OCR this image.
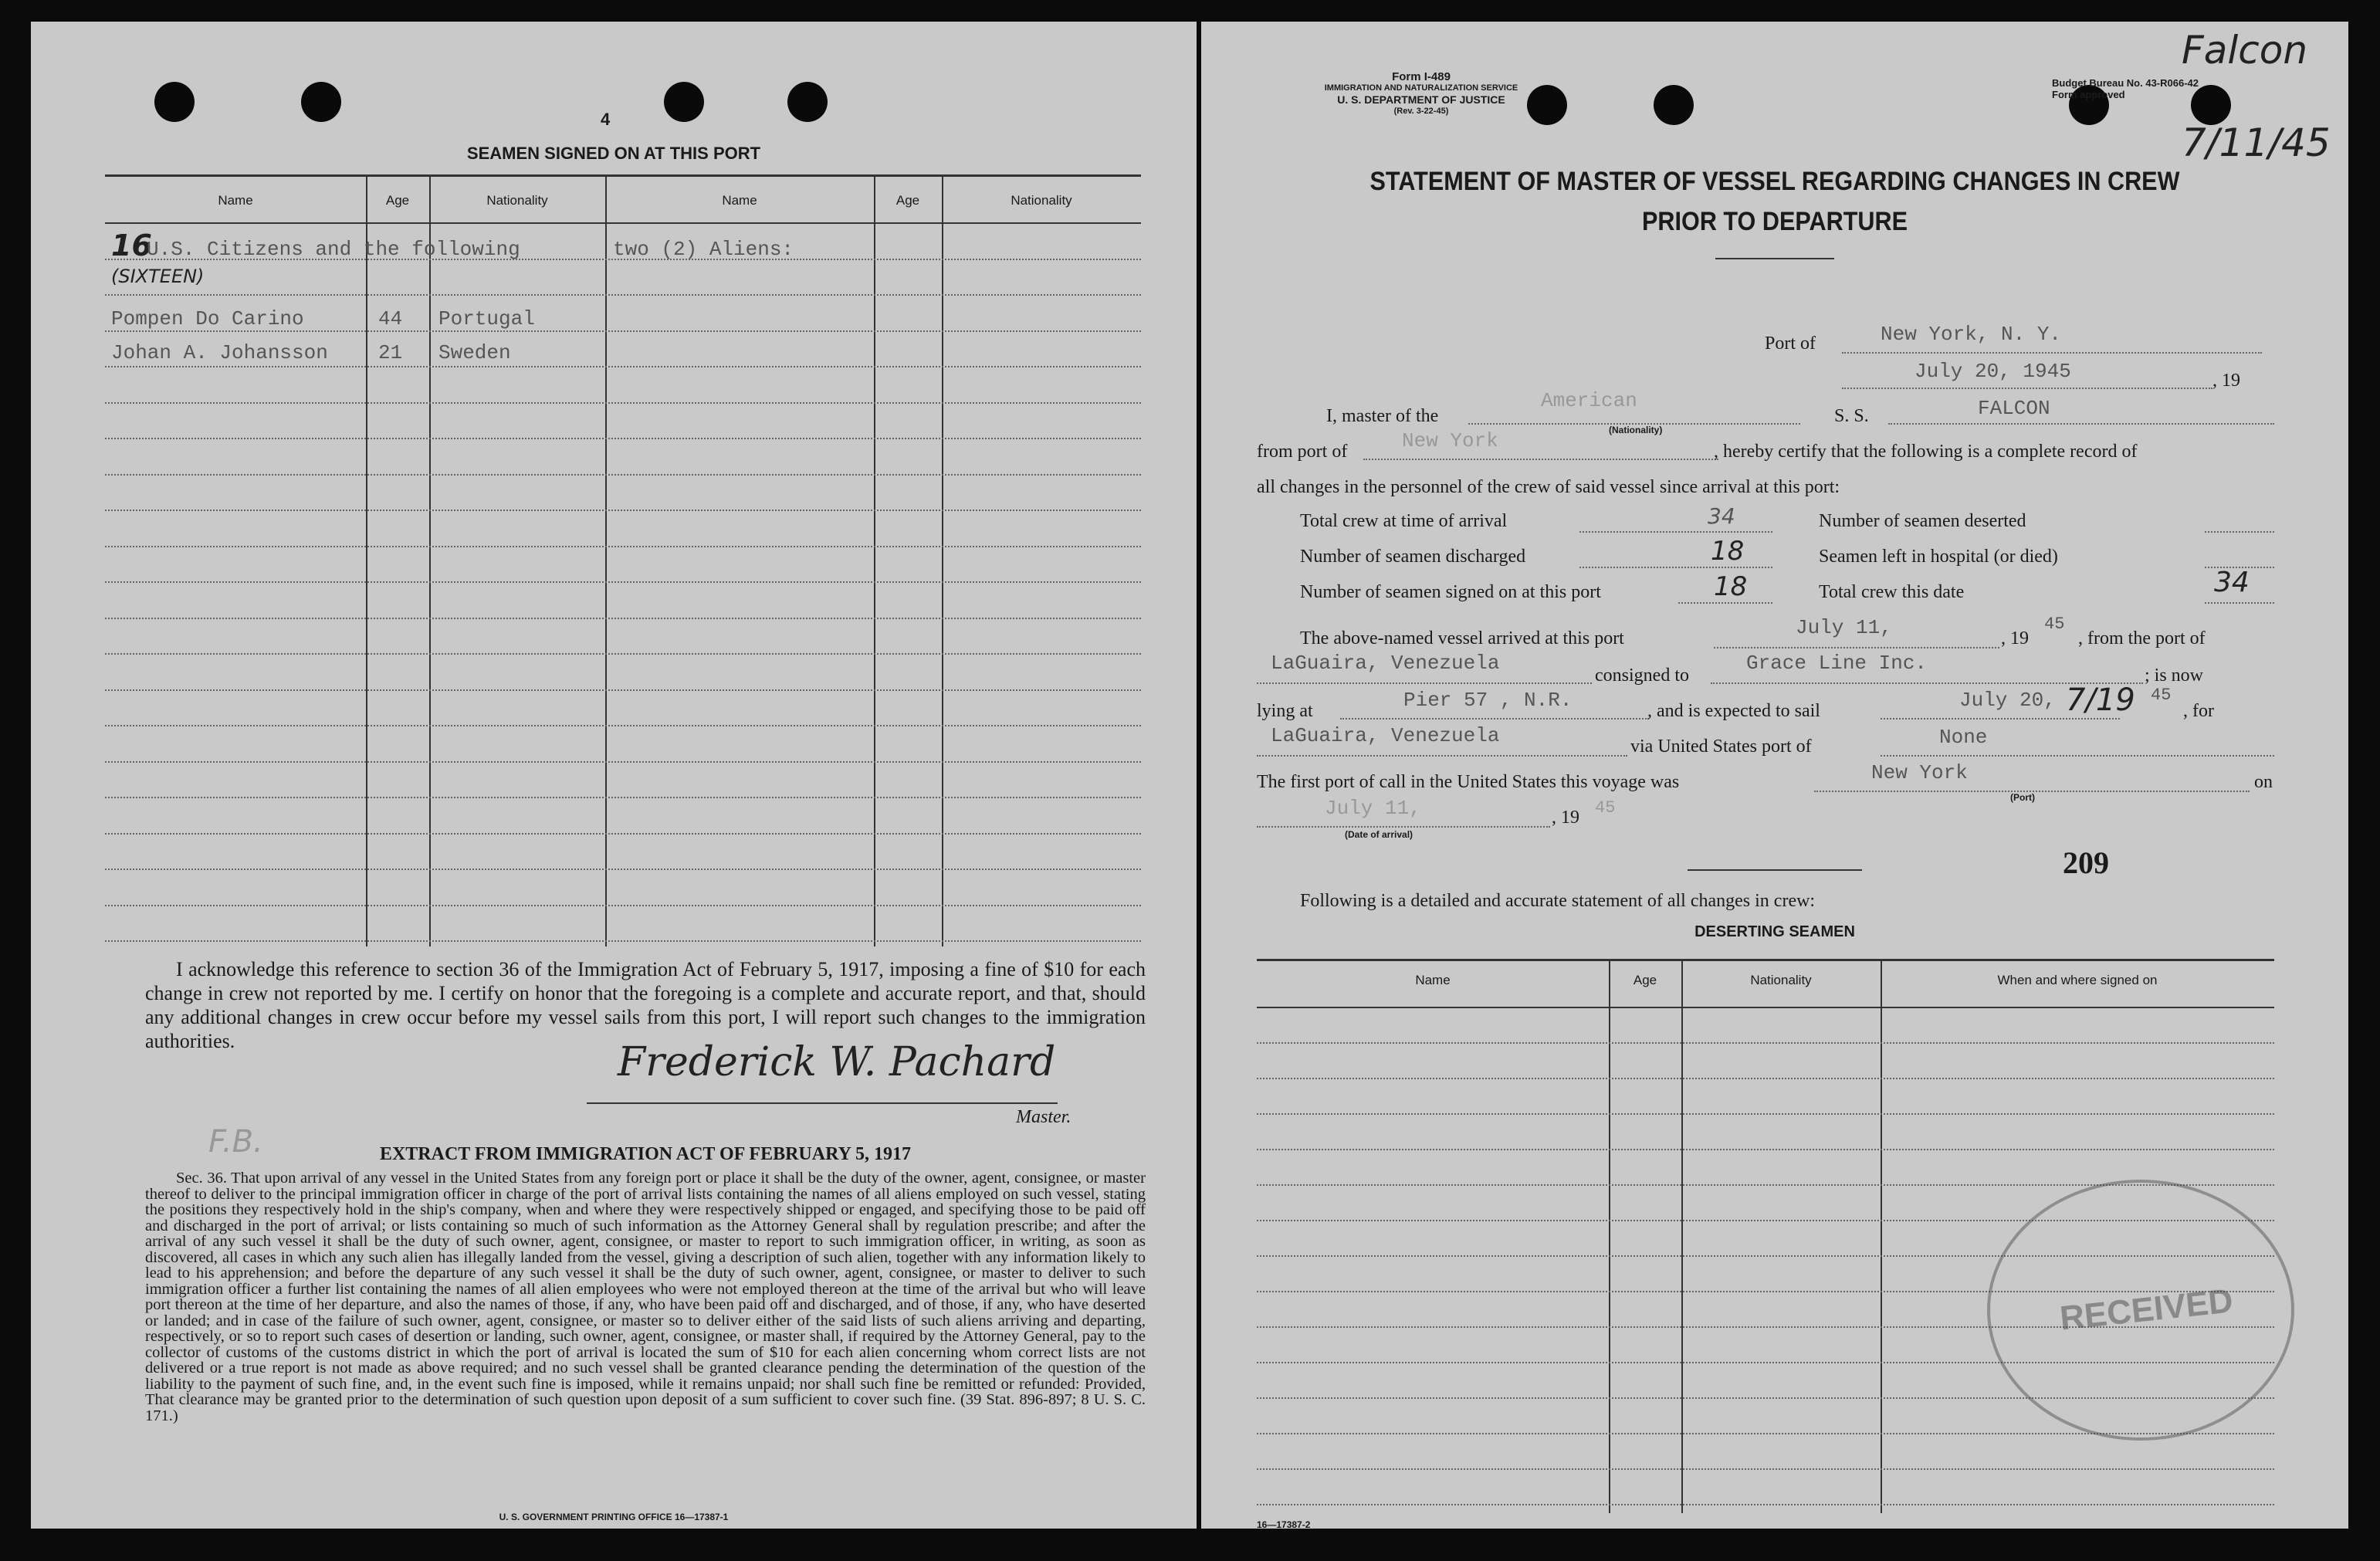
4
SEAMEN SIGNED ON AT THIS PORT
Name	Age	Nationality	Name	Age	Nationality
16
U.S. Citizens and the following	two (2) Aliens:
(SIXTEEN)
Pompen Do Carino	44 Portugal
Johan A. Johansson	21 Sweden
I acknowledge this reference to section 36 of the Immigration Act of February 5, 1917, imposing a fine of $10 for each change in crew not reported by me. I certify on honor that the foregoing is a complete and accurate report, and that, should any additional changes in crew occur before my vessel sails from this port, I will report such changes to the immigration authorities.	Frederick W. Pachard
Master.
F.B.	EXTRACT FROM IMMIGRATION ACT OF FEBRUARY 5, 1917
Sec. 36. That upon arrival of any vessel in the United States from any foreign port or place it shall be the duty of the owner, agent, consignee, or master thereof to deliver to the principal immigration officer in charge of the port of arrival lists containing the names of all aliens employed on such vessel, stating the positions they respectively hold in the ship's company, when and where they were respectively shipped or engaged, and specifying those to be paid off and discharged in the port of arrival; or lists containing so much of such information as the Attorney General shall by regulation prescribe; and after the arrival of any such vessel it shall be the duty of such owner, agent, consignee, or master to report to such immigration officer, in writing, as soon as discovered, all cases in which any such alien has illegally landed from the vessel, giving a description of such alien, together with any information likely to lead to his apprehension; and before the departure of any such vessel it shall be the duty of such owner, agent, consignee, or master to deliver to such immigration officer a further list containing the names of all alien employees who were not employed thereon at the time of the arrival but who will leave port thereon at the time of her departure, and also the names of those, if any, who have been paid off and discharged, and of those, if any, who have deserted or landed; and in case of the failure of such owner, agent, consignee, or master so to deliver either of the said lists of such aliens arriving and departing, respectively, or so to report such cases of desertion or landing, such owner, agent, consignee, or master shall, if required by the Attorney General, pay to the collector of customs of the customs district in which the port of arrival is located the sum of $10 for each alien concerning whom correct lists are not delivered or a true report is not made as above required; and no such vessel shall be granted clearance pending the determination of the question of the liability to the payment of such fine, and, in the event such fine is imposed, while it remains unpaid; nor shall such fine be remitted or refunded: Provided, That clearance may be granted prior to the determination of such question upon deposit of a sum sufficient to cover such fine. (39 Stat. 896-897; 8 U. S. C. 171.)
U. S. GOVERNMENT PRINTING OFFICE 16—17387-1
Form I-489
IMMIGRATION AND NATURALIZATION SERVICE
U. S. DEPARTMENT OF JUSTICE
(Rev. 3-22-45)
Budget Bureau No. 43-R066-42
Form approved
Falcon
7/11/45
STATEMENT OF MASTER OF VESSEL REGARDING CHANGES IN CREW
PRIOR TO DEPARTURE
Port of	New York, N. Y.
July 20, 1945	, 19
I, master of the
American
(Nationality)
S. S.	FALCON
from port of	New York	, hereby certify that the following is a complete record of
all changes in the personnel of the crew of said vessel since arrival at this port:
Total crew at time of arrival	34
Number of seamen discharged	18
Number of seamen signed on at this port	18
Number of seamen deserted
Seamen left in hospital (or died)
Total crew this date	34
The above-named vessel arrived at this port	July 11,	, 19
45
, from the port of
LaGuaira, Venezuela
consigned to
Grace Line Inc.
; is now
lying at	Pier 57 , N.R.	, and is expected to sail	July 20, 7/19 45
, for
LaGuaira, Venezuela	via United States port of	None
The first port of call in the United States this voyage was	New York
(Port)
on
July 11,	, 19 45
(Date of arrival)
209
Following is a detailed and accurate statement of all changes in crew:
DESERTING SEAMEN
Name	Age	Nationality	When and where signed on
RECEIVED
16—17387-2
